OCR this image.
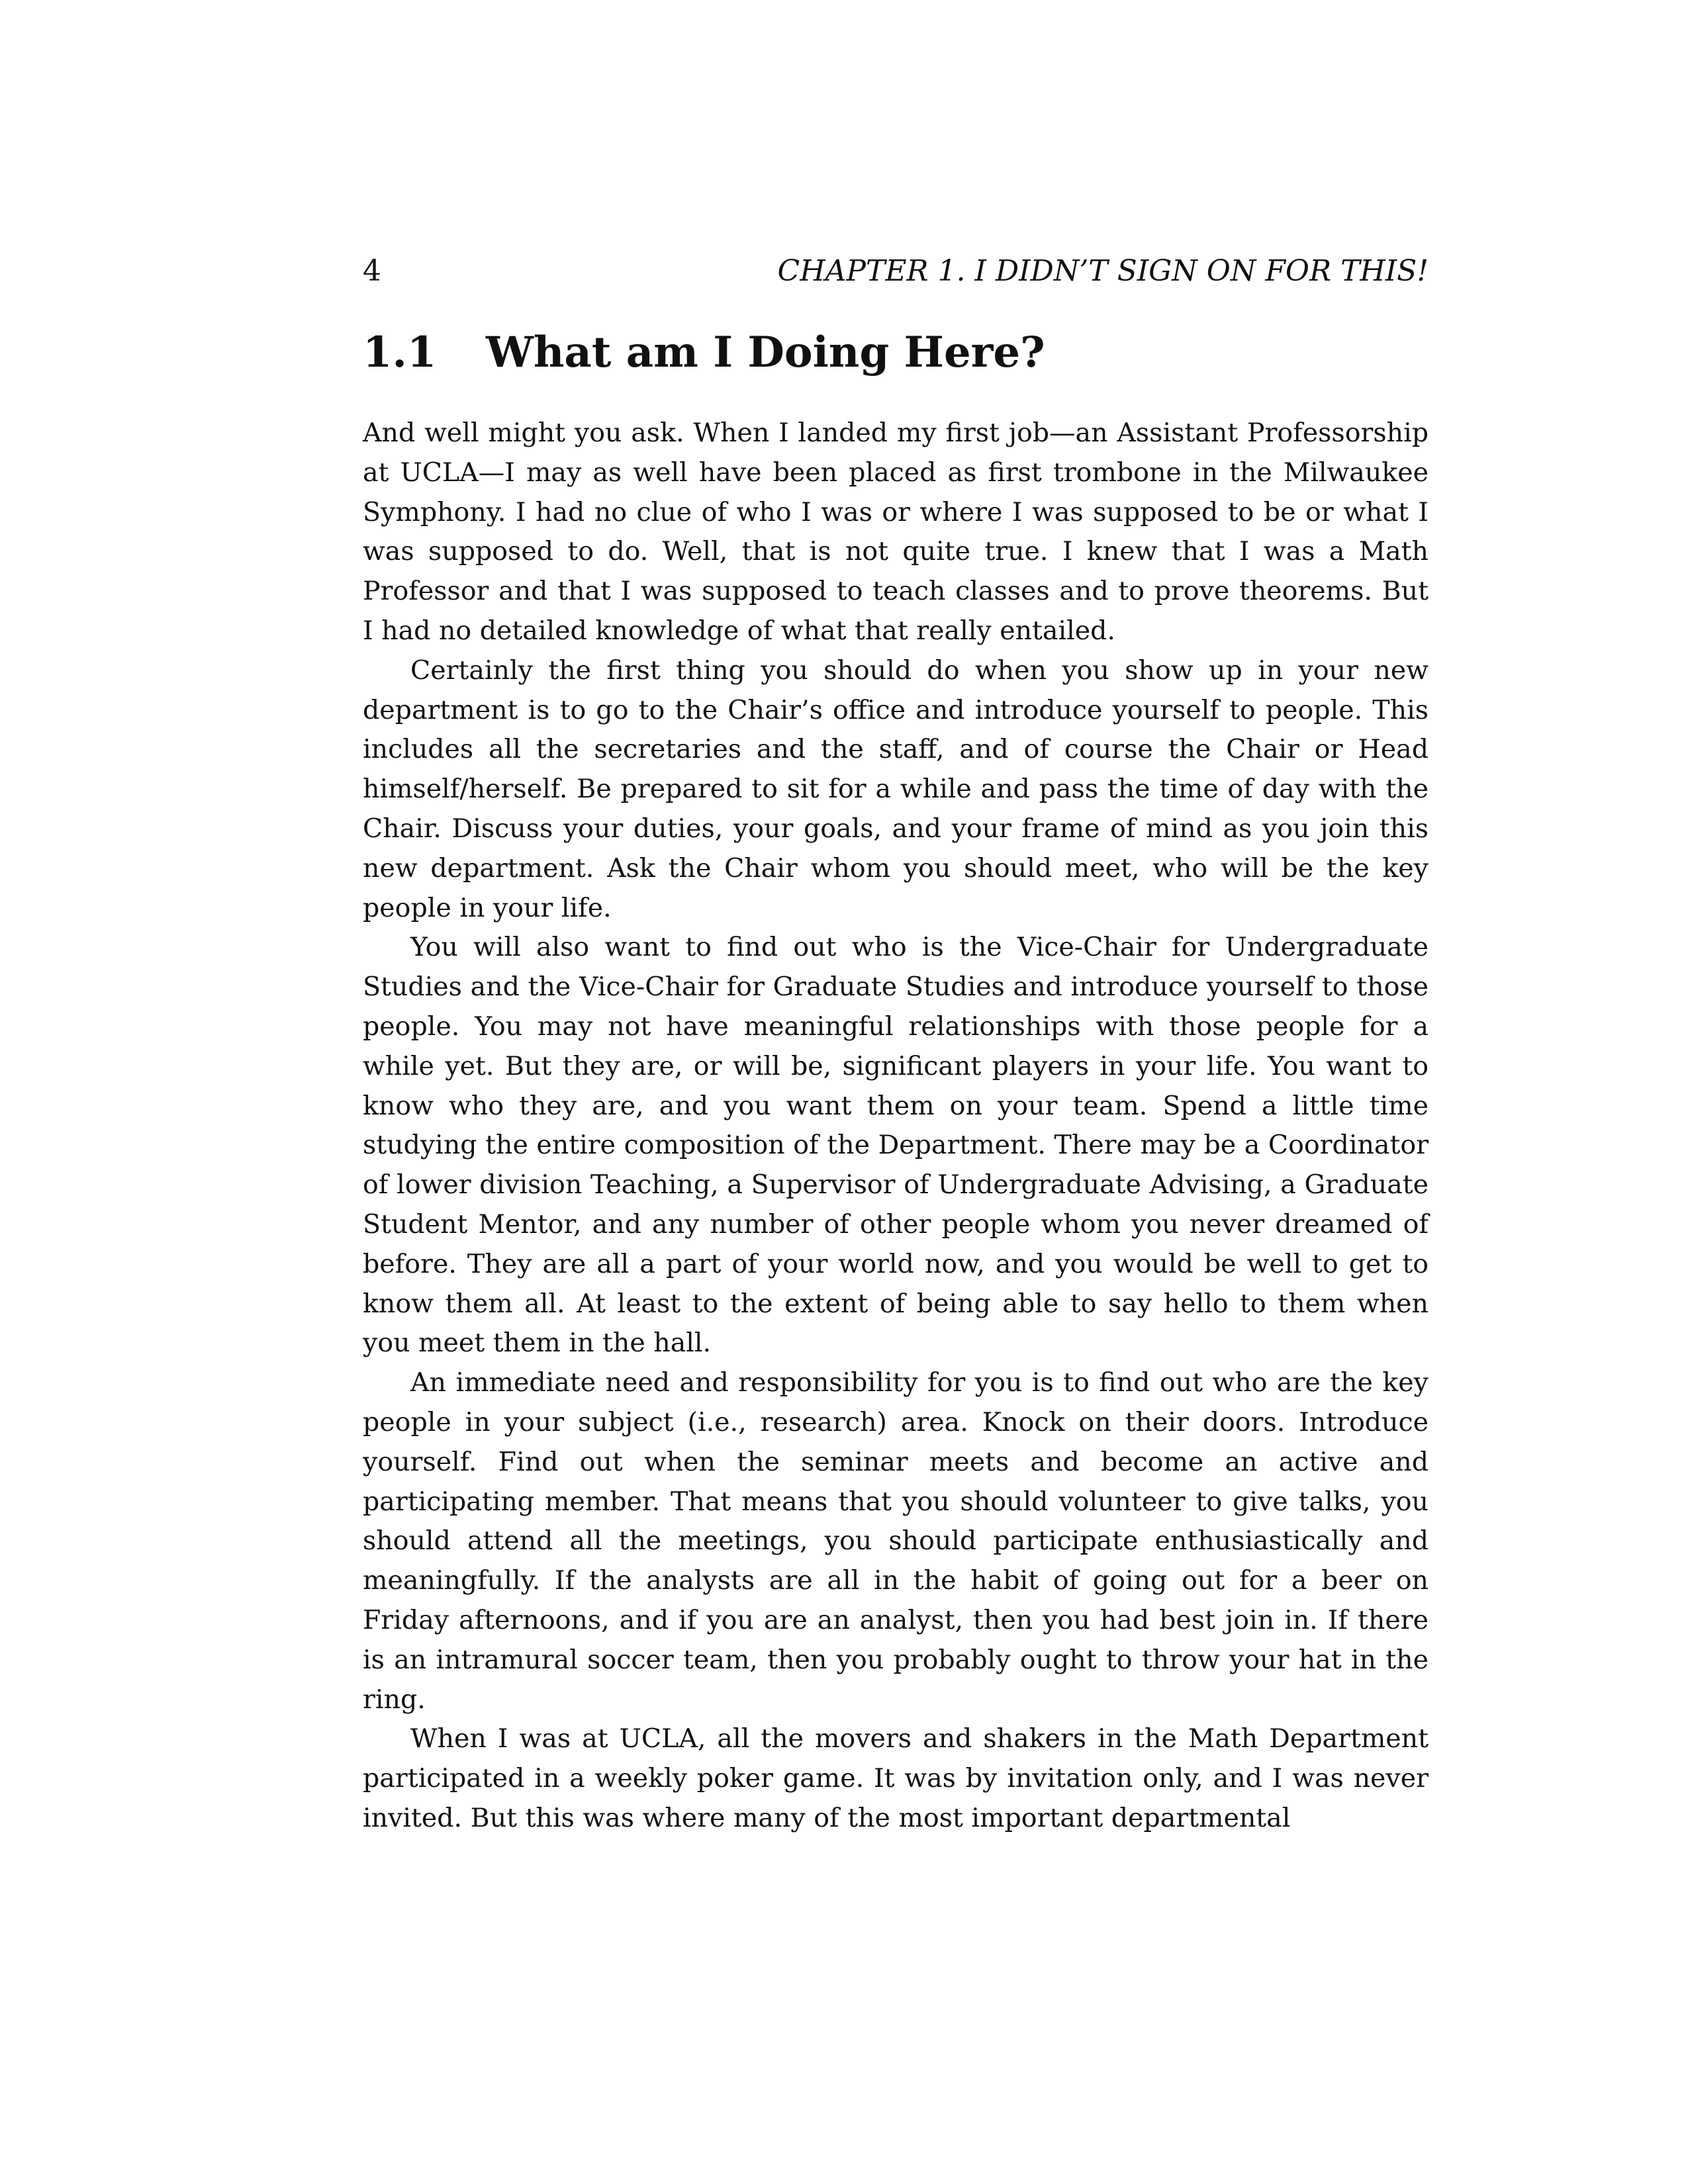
4	CHAPTER 1. I DIDN’T SIGN ON FOR THIS!
1.1 What am I Doing Here?

And well might you ask. When I landed my first job—an Assistant Professorship at UCLA—I may as well have been placed as first trombone in the Milwaukee Symphony. I had no clue of who I was or where I was supposed to be or what I was supposed to do. Well, that is not quite true. I knew that I was a Math Professor and that I was supposed to teach classes and to prove theorems. But I had no detailed knowledge of what that really entailed.

Certainly the first thing you should do when you show up in your new department is to go to the Chair’s office and introduce yourself to people. This includes all the secretaries and the staff, and of course the Chair or Head himself/herself. Be prepared to sit for a while and pass the time of day with the Chair. Discuss your duties, your goals, and your frame of mind as you join this new department. Ask the Chair whom you should meet, who will be the key people in your life.

You will also want to find out who is the Vice-Chair for Undergraduate Studies and the Vice-Chair for Graduate Studies and introduce yourself to those people. You may not have meaningful relationships with those people for a while yet. But they are, or will be, significant players in your life. You want to know who they are, and you want them on your team. Spend a little time studying the entire composition of the Department. There may be a Coordinator of lower division Teaching, a Supervisor of Undergraduate Advising, a Graduate Student Mentor, and any number of other people whom you never dreamed of before. They are all a part of your world now, and you would be well to get to know them all. At least to the extent of being able to say hello to them when you meet them in the hall.

An immediate need and responsibility for you is to find out who are the key people in your subject (i.e., research) area. Knock on their doors. Introduce yourself. Find out when the seminar meets and become an active and participating member. That means that you should volunteer to give talks, you should attend all the meetings, you should participate enthusiastically and meaningfully. If the analysts are all in the habit of going out for a beer on Friday afternoons, and if you are an analyst, then you had best join in. If there is an intramural soccer team, then you probably ought to throw your hat in the ring.

When I was at UCLA, all the movers and shakers in the Math Department participated in a weekly poker game. It was by invitation only, and I was never invited. But this was where many of the most important departmental
